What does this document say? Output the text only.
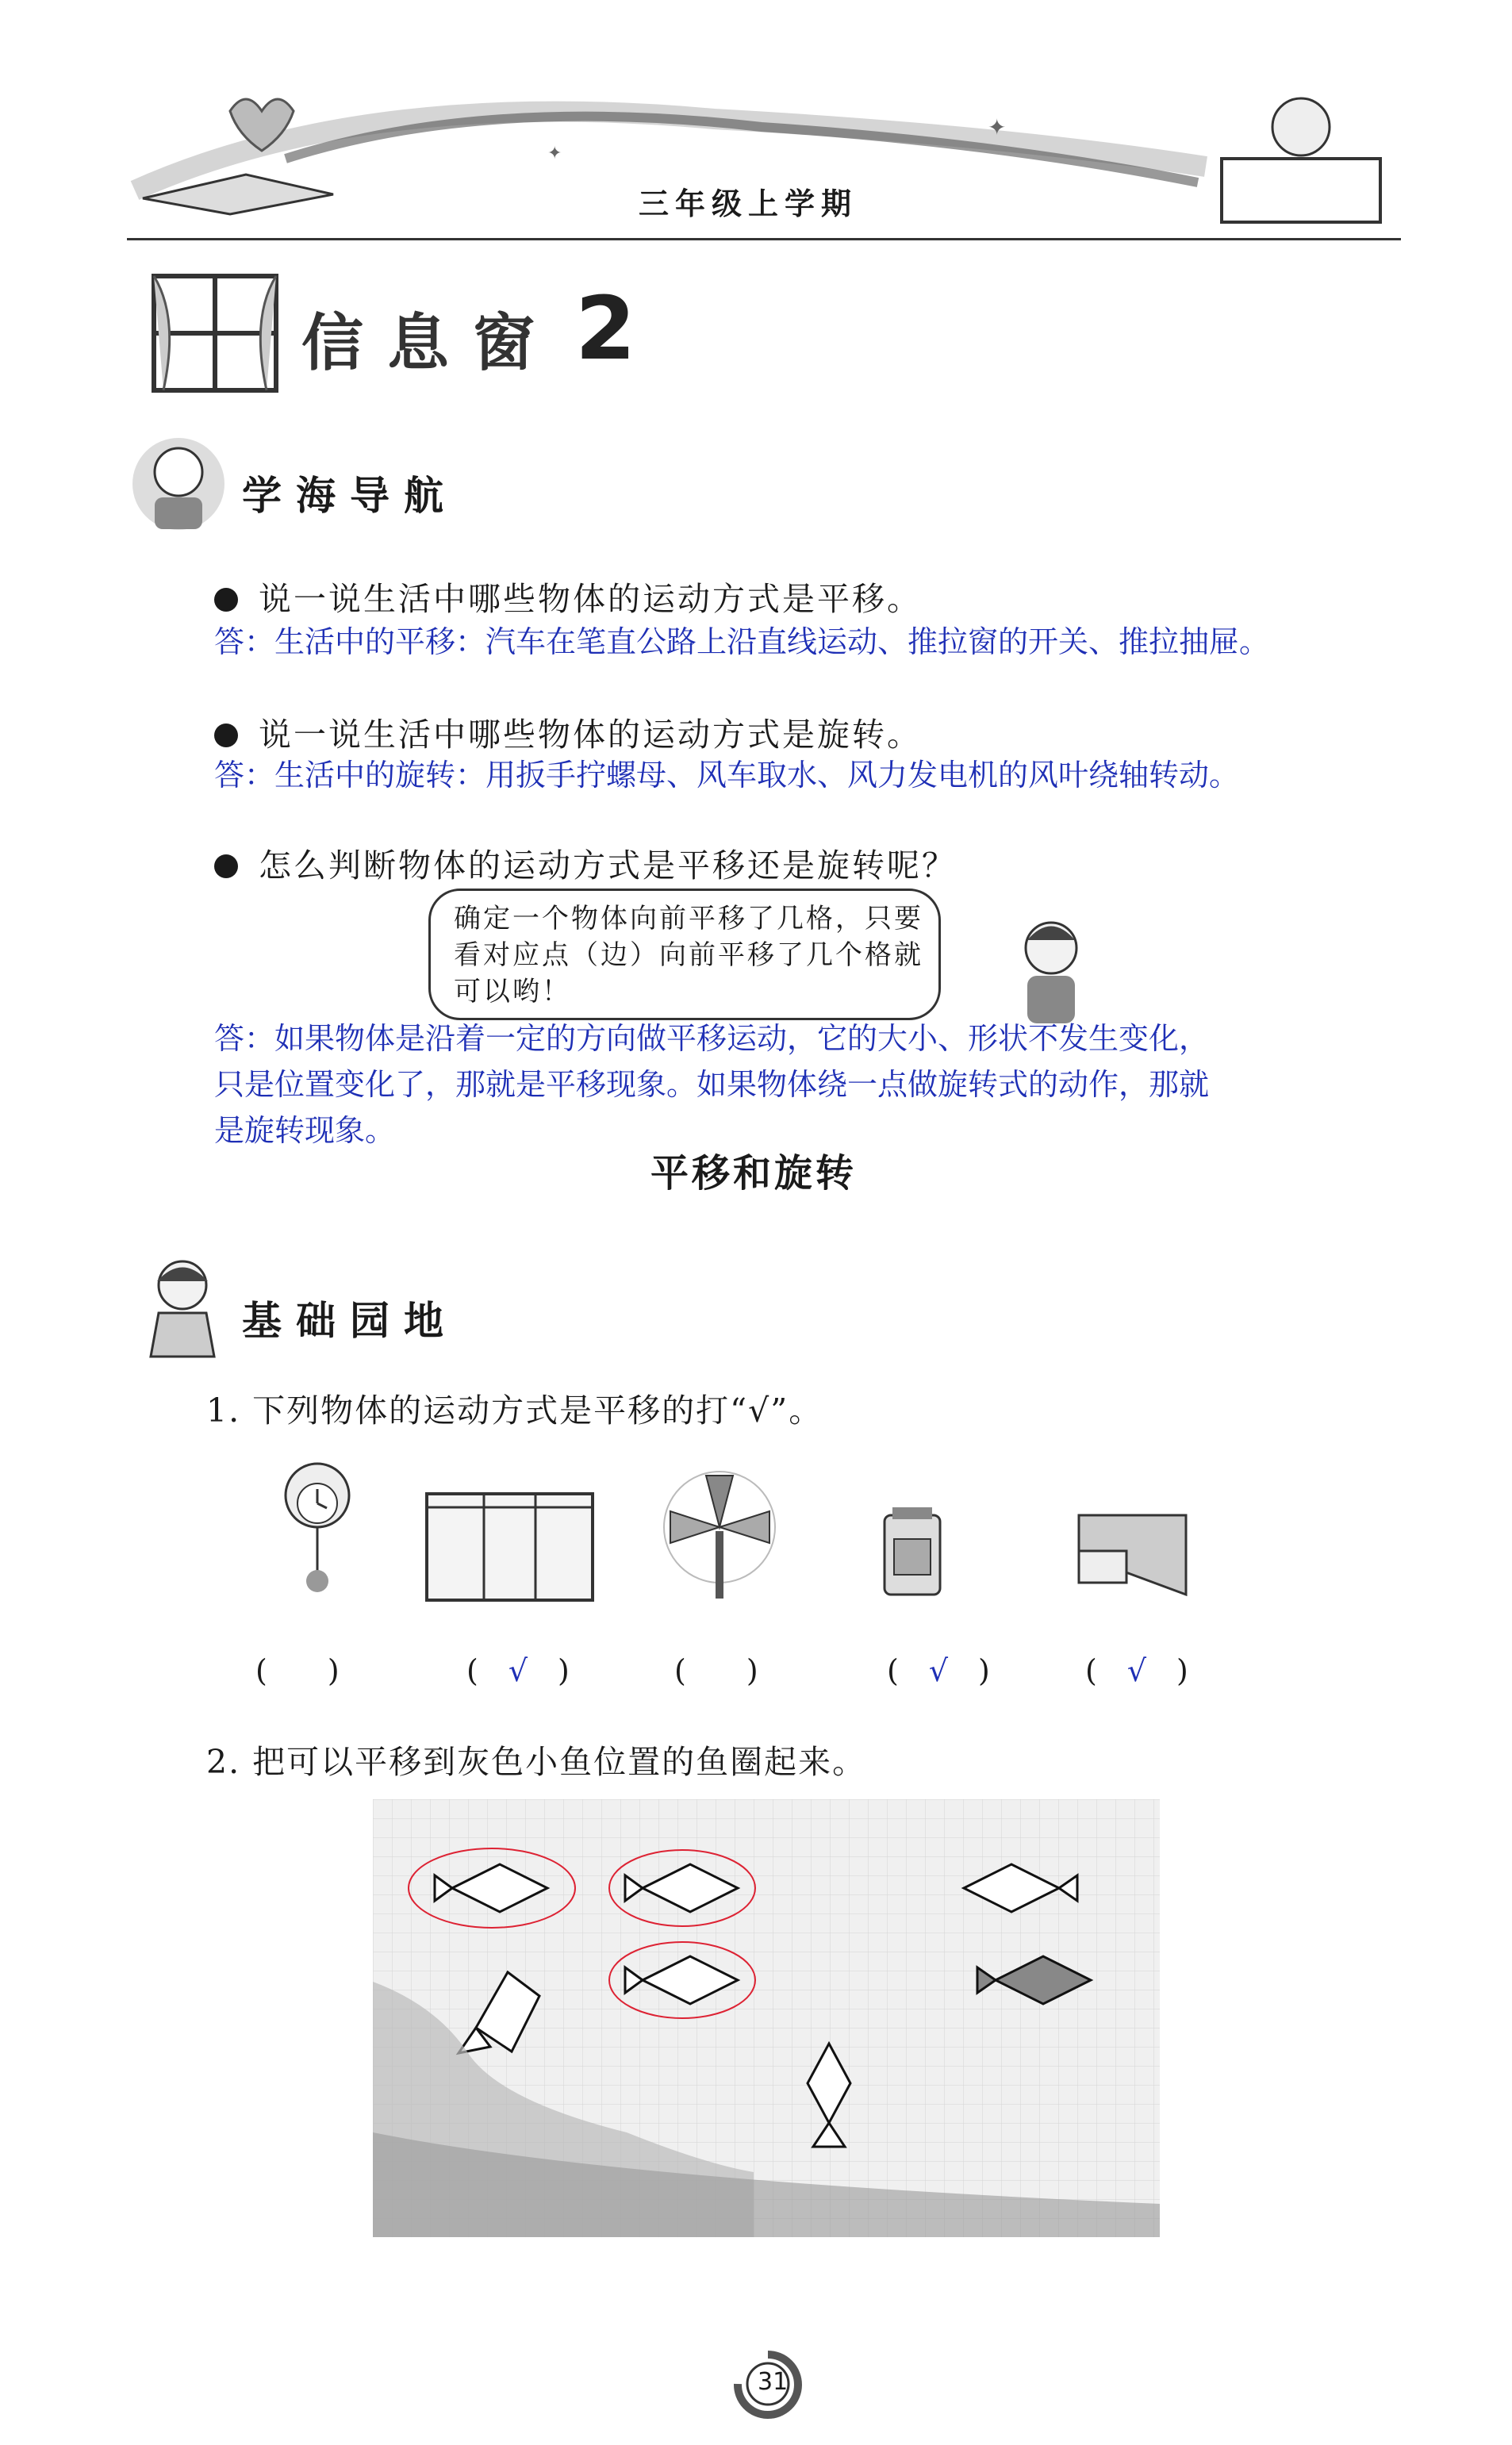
✦
✦
三年级上学期
信息窗 2
学海导航
说一说生活中哪些物体的运动方式是平移。
答：生活中的平移：汽车在笔直公路上沿直线运动、推拉窗的开关、推拉抽屉。
说一说生活中哪些物体的运动方式是旋转。
答：生活中的旋转：用扳手拧螺母、风车取水、风力发电机的风叶绕轴转动。
怎么判断物体的运动方式是平移还是旋转呢？
确定一个物体向前平移了几格，只要看对应点（边）向前平移了几个格就可以哟！
答：如果物体是沿着一定的方向做平移运动，它的大小、形状不发生变化，
只是位置变化了，那就是平移现象。如果物体绕一点做旋转式的动作，那就
是旋转现象。
平移和旋转
基础园地
1. 下列物体的运动方式是平移的打“√”。
(　　)	(　√　)	(　　)	(　√　)	(　√　)
2. 把可以平移到灰色小鱼位置的鱼圈起来。
31
